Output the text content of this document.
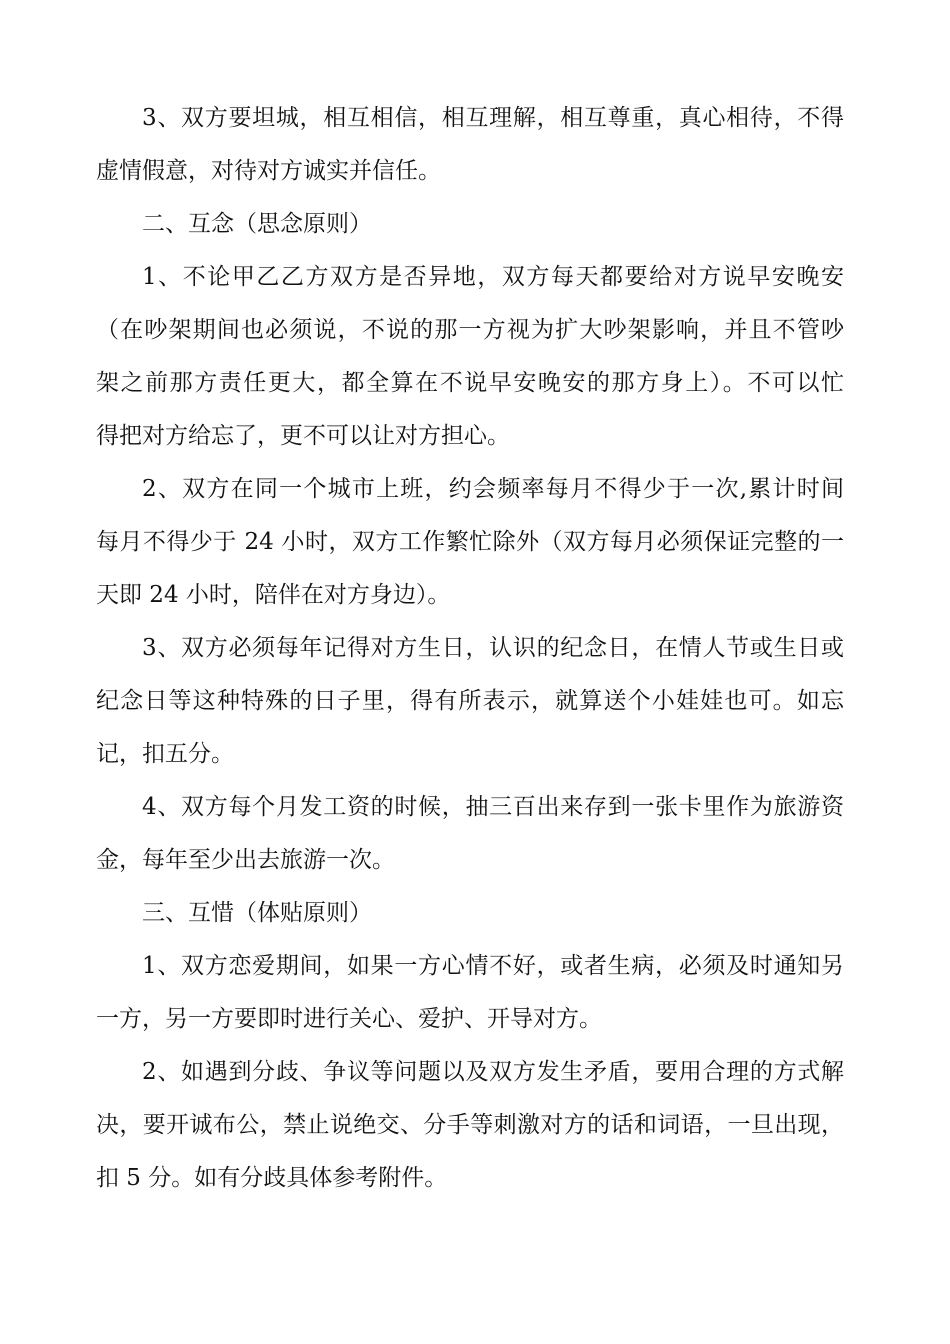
3、双方要坦城，相互相信，相互理解，相互尊重，真心相待，不得
虚情假意，对待对方诚实并信任。
二、互念（思念原则）
1、不论甲乙乙方双方是否异地，双方每天都要给对方说早安晚安
（在吵架期间也必须说，不说的那一方视为扩大吵架影响，并且不管吵
架之前那方责任更大，都全算在不说早安晚安的那方身上）。不可以忙
得把对方给忘了，更不可以让对方担心。
2、双方在同一个城市上班，约会频率每月不得少于一次,累计时间
每月不得少于 24 小时，双方工作繁忙除外（双方每月必须保证完整的一
天即 24 小时，陪伴在对方身边）。
3、双方必须每年记得对方生日，认识的纪念日，在情人节或生日或
纪念日等这种特殊的日子里，得有所表示，就算送个小娃娃也可。如忘
记，扣五分。
4、双方每个月发工资的时候，抽三百出来存到一张卡里作为旅游资
金，每年至少出去旅游一次。
三、互惜（体贴原则）
1、双方恋爱期间，如果一方心情不好，或者生病，必须及时通知另
一方，另一方要即时进行关心、爱护、开导对方。
2、如遇到分歧、争议等问题以及双方发生矛盾，要用合理的方式解
决，要开诚布公，禁止说绝交、分手等刺激对方的话和词语，一旦出现，
扣 5 分。如有分歧具体参考附件。
